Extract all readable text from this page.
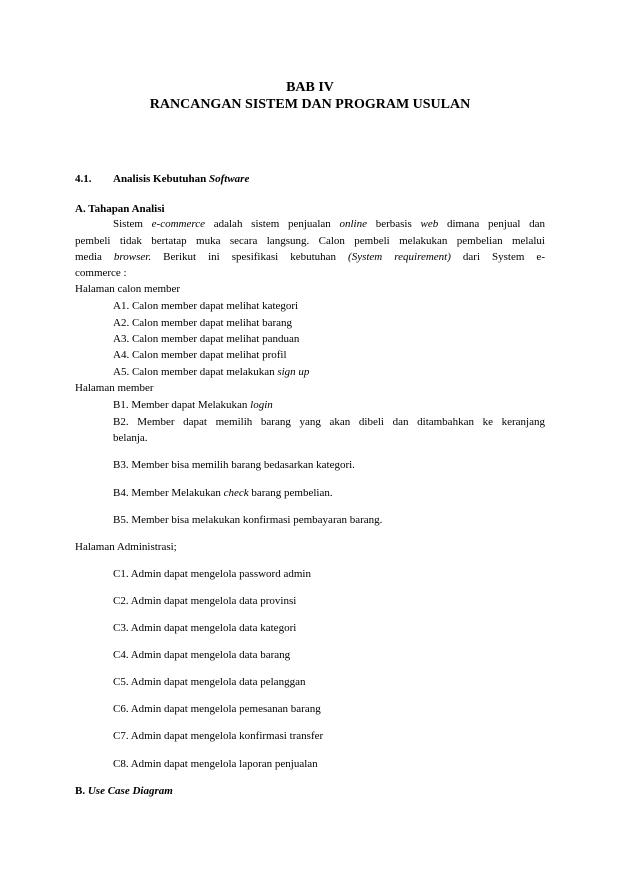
BAB IV
RANCANGAN SISTEM DAN PROGRAM USULAN
4.1. Analisis Kebutuhan Software
A. Tahapan Analisi
Sistem e-commerce adalah sistem penjualan online berbasis web dimana penjual dan
pembeli tidak bertatap muka secara langsung. Calon pembeli melakukan pembelian melalui
media browser. Berikut ini spesifikasi kebutuhan (System requirement) dari System e-
commerce :
Halaman calon member
A1. Calon member dapat melihat kategori
A2. Calon member dapat melihat barang
A3. Calon member dapat melihat panduan
A4. Calon member dapat melihat profil
A5. Calon member dapat melakukan sign up
Halaman member
B1. Member dapat Melakukan login
B2. Member dapat memilih barang yang akan dibeli dan ditambahkan ke keranjang
belanja.
B3. Member bisa memilih barang bedasarkan kategori.
B4. Member Melakukan check barang pembelian.
B5. Member bisa melakukan konfirmasi pembayaran barang.
Halaman Administrasi;
C1. Admin dapat mengelola password admin
C2. Admin dapat mengelola data provinsi
C3. Admin dapat mengelola data kategori
C4. Admin dapat mengelola data barang
C5. Admin dapat mengelola data pelanggan
C6. Admin dapat mengelola pemesanan barang
C7. Admin dapat mengelola konfirmasi transfer
C8. Admin dapat mengelola laporan penjualan
B. Use Case Diagram
